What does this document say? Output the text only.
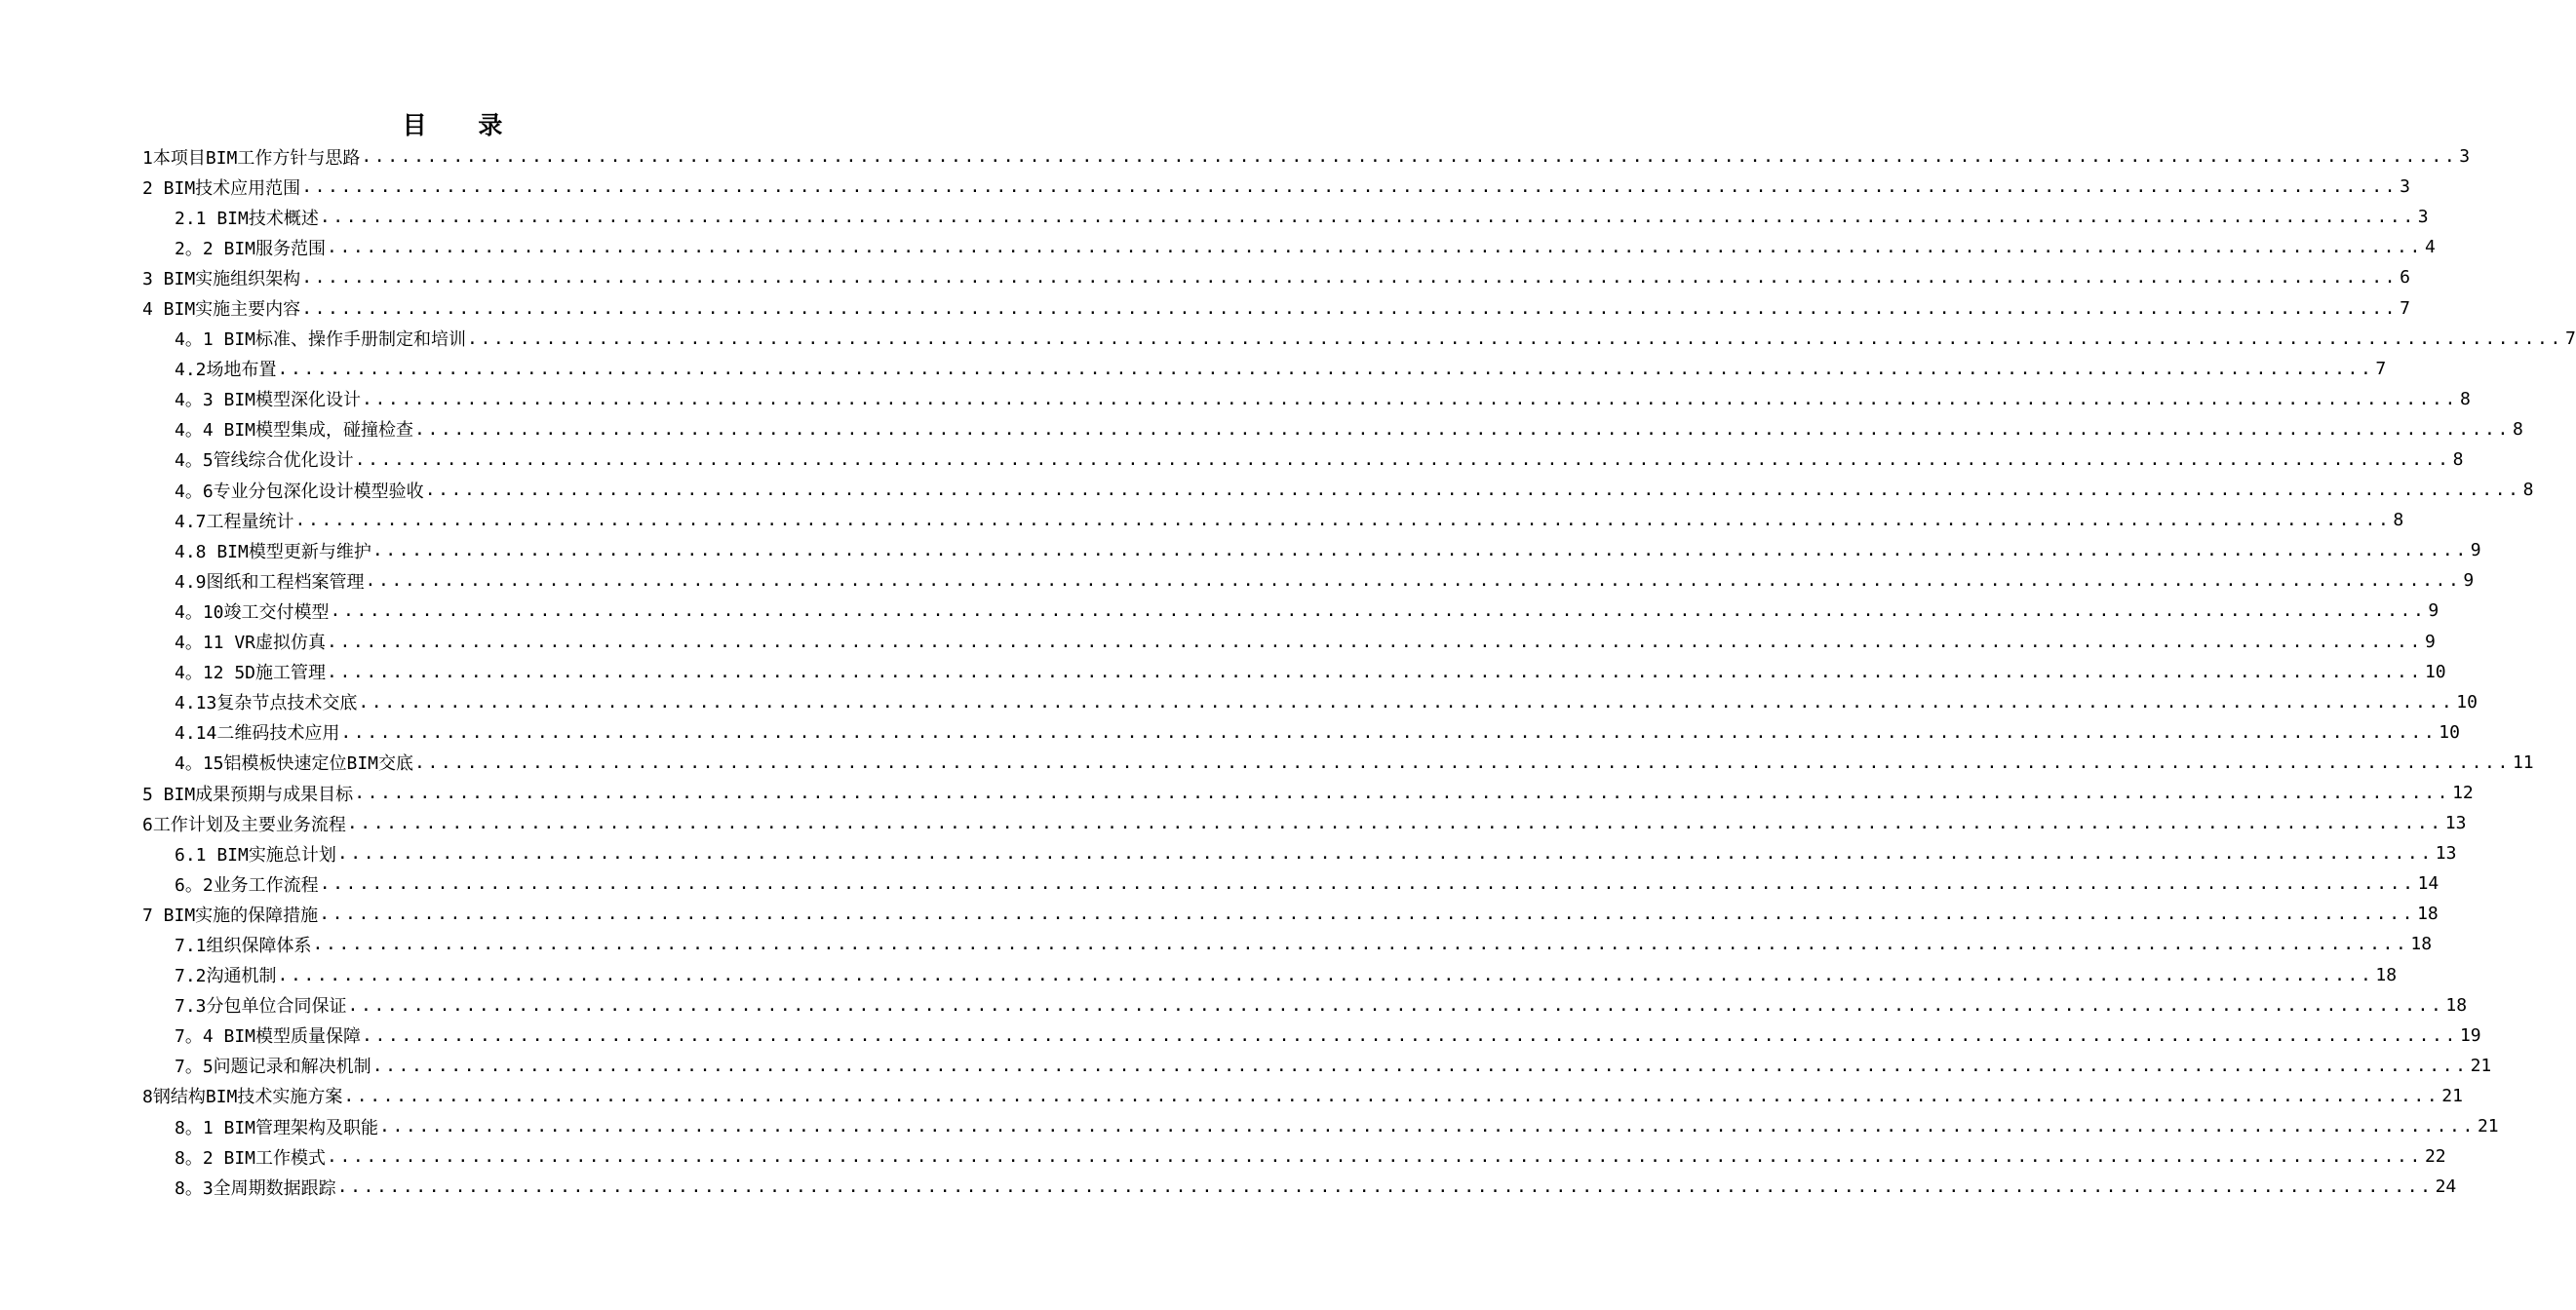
目 录
1本项目BIM工作方针与思路 ................................................................................................................................................................ 3
2 BIM技术应用范围 ................................................................................................................................................................ 3
2.1 BIM技术概述 ................................................................................................................................................................ 3
2。2 BIM服务范围 ................................................................................................................................................................ 4
3 BIM实施组织架构 ................................................................................................................................................................ 6
4 BIM实施主要内容 ................................................................................................................................................................ 7
4。1 BIM标准、操作手册制定和培训 ................................................................................................................................................................ 7
4.2场地布置 ................................................................................................................................................................ 7
4。3 BIM模型深化设计 ................................................................................................................................................................ 8
4。4 BIM模型集成，碰撞检查 ................................................................................................................................................................ 8
4。5管线综合优化设计 ................................................................................................................................................................ 8
4。6专业分包深化设计模型验收 ................................................................................................................................................................ 8
4.7工程量统计 ................................................................................................................................................................ 8
4.8 BIM模型更新与维护 ................................................................................................................................................................ 9
4.9图纸和工程档案管理 ................................................................................................................................................................ 9
4。10竣工交付模型 ................................................................................................................................................................ 9
4。11 VR虚拟仿真 ................................................................................................................................................................ 9
4。12 5D施工管理 ................................................................................................................................................................ 10
4.13复杂节点技术交底 ................................................................................................................................................................ 10
4.14二维码技术应用 ................................................................................................................................................................ 10
4。15铝模板快速定位BIM交底 ................................................................................................................................................................ 11
5 BIM成果预期与成果目标 ................................................................................................................................................................ 12
6工作计划及主要业务流程 ................................................................................................................................................................ 13
6.1 BIM实施总计划 ................................................................................................................................................................ 13
6。2业务工作流程 ................................................................................................................................................................ 14
7 BIM实施的保障措施 ................................................................................................................................................................ 18
7.1组织保障体系 ................................................................................................................................................................ 18
7.2沟通机制 ................................................................................................................................................................ 18
7.3分包单位合同保证 ................................................................................................................................................................ 18
7。4 BIM模型质量保障 ................................................................................................................................................................ 19
7。5问题记录和解决机制 ................................................................................................................................................................ 21
8钢结构BIM技术实施方案 ................................................................................................................................................................ 21
8。1 BIM管理架构及职能 ................................................................................................................................................................ 21
8。2 BIM工作模式 ................................................................................................................................................................ 22
8。3全周期数据跟踪 ................................................................................................................................................................ 24
